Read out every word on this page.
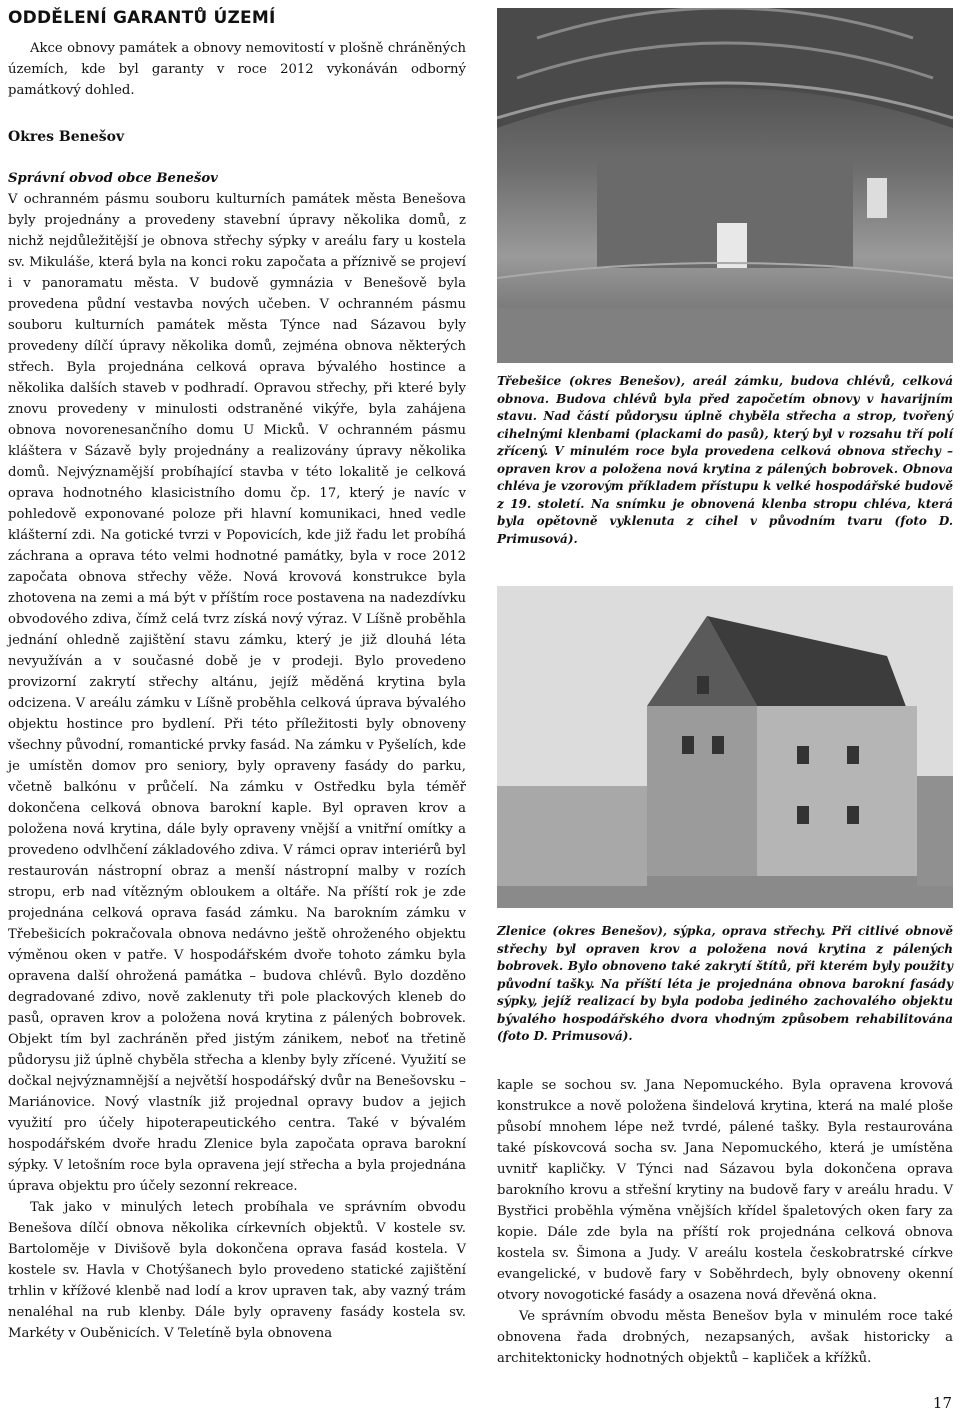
ODDĚLENÍ GARANTŮ ÚZEMÍ

Akce obnovy památek a obnovy nemovitostí v plošně chráněných územích, kde byl garanty v roce 2012 vykonáván odborný památkový dohled.

Okres Benešov

Správní obvod obce Benešov

V ochranném pásmu souboru kulturních památek města Benešova byly projednány a provedeny stavební úpravy několika domů, z nichž nejdůležitější je obnova střechy sýpky v areálu fary u kostela sv. Mikuláše, která byla na konci roku započata a příznivě se projeví i v panoramatu města. V budově gymnázia v Benešově byla provedena půdní vestavba nových učeben. V ochranném pásmu souboru kulturních památek města Týnce nad Sázavou byly provedeny dílčí úpravy několika domů, zejména obnova některých střech. Byla projednána celková oprava bývalého hostince a několika dalších staveb v podhradí. Opravou střechy, při které byly znovu provedeny v minulosti odstraněné vikýře, byla zahájena obnova novorenesančního domu U Micků. V ochranném pásmu kláštera v Sázavě byly projednány a realizovány úpravy několika domů. Nejvýznamější probíhající stavba v této lokalitě je celková oprava hodnotného klasicistního domu čp. 17, který je navíc v pohledově exponované poloze při hlavní komunikaci, hned vedle klášterní zdi. Na gotické tvrzi v Popovicích, kde již řadu let probíhá záchrana a oprava této velmi hodnotné památky, byla v roce 2012 započata obnova střechy věže. Nová krovová konstrukce byla zhotovena na zemi a má být v příštím roce postavena na nadezdívku obvodového zdiva, čímž celá tvrz získá nový výraz. V Líšně proběhla jednání ohledně zajištění stavu zámku, který je již dlouhá léta nevyužíván a v současné době je v prodeji. Bylo provedeno provizorní zakrytí střechy altánu, jejíž měděná krytina byla odcizena. V areálu zámku v Líšně proběhla celková úprava bývalého objektu hostince pro bydlení. Při této příležitosti byly obnoveny všechny původní, romantické prvky fasád. Na zámku v Pyšelích, kde je umístěn domov pro seniory, byly opraveny fasády do parku, včetně balkónu v průčelí. Na zámku v Ostředku byla téměř dokončena celková obnova barokní kaple. Byl opraven krov a položena nová krytina, dále byly opraveny vnější a vnitřní omítky a provedeno odvlhčení základového zdiva. V rámci oprav interiérů byl restaurován nástropní obraz a menší nástropní malby v rozích stropu, erb nad vítězným obloukem a oltáře. Na příští rok je zde projednána celková oprava fasád zámku. Na barokním zámku v Třebešicích pokračovala obnova nedávno ještě ohroženého objektu výměnou oken v patře. V hospodářském dvoře tohoto zámku byla opravena další ohrožená památka – budova chlévů. Bylo dozděno degradované zdivo, nově zaklenuty tři pole plackových kleneb do pasů, opraven krov a položena nová krytina z pálených bobrovek. Objekt tím byl zachráněn před jistým zánikem, neboť na třetině půdorysu již úplně chyběla střecha a klenby byly zřícené. Využití se dočkal nejvýznamnější a největší hospodářský dvůr na Benešovsku – Mariánovice. Nový vlastník již projednal opravy budov a jejich využití pro účely hipoterapeutického centra. Také v bývalém hospodářském dvoře hradu Zlenice byla započata oprava barokní sýpky. V letošním roce byla opravena její střecha a byla projednána úprava objektu pro účely sezonní rekreace.

Tak jako v minulých letech probíhala ve správním obvodu Benešova dílčí obnova několika církevních objektů. V kostele sv. Bartoloměje v Divišově byla dokončena oprava fasád kostela. V kostele sv. Havla v Chotýšanech bylo provedeno statické zajištění trhlin v křížové klenbě nad lodí a krov upraven tak, aby vazný trám nenaléhal na rub klenby. Dále byly opraveny fasády kostela sv. Markéty v Ouběnicích. V Teletíně byla obnovena

Třebešice (okres Benešov), areál zámku, budova chlévů, celková obnova. Budova chlévů byla před započetím obnovy v havarijním stavu. Nad částí půdorysu úplně chyběla střecha a strop, tvořený cihelnými klenbami (plackami do pasů), který byl v rozsahu tří polí zřícený. V minulém roce byla provedena celková obnova střechy – opraven krov a položena nová krytina z pálených bobrovek. Obnova chléva je vzorovým příkladem přístupu k velké hospodářské budově z 19. století. Na snímku je obnovená klenba stropu chléva, která byla opětovně vyklenuta z cihel v původním tvaru (foto D. Primusová).

Zlenice (okres Benešov), sýpka, oprava střechy. Při citlivé obnově střechy byl opraven krov a položena nová krytina z pálených bobrovek. Bylo obnoveno také zakrytí štítů, při kterém byly použity původní tašky. Na příští léta je projednána obnova barokní fasády sýpky, jejíž realizací by byla podoba jediného zachovalého objektu bývalého hospodářského dvora vhodným způsobem rehabilitována (foto D. Primusová).

kaple se sochou sv. Jana Nepomuckého. Byla opravena krovová konstrukce a nově položena šindelová krytina, která na malé ploše působí mnohem lépe než tvrdé, pálené tašky. Byla restaurována také pískovcová socha sv. Jana Nepomuckého, která je umístěna uvnitř kapličky. V Týnci nad Sázavou byla dokončena oprava barokního krovu a střešní krytiny na budově fary v areálu hradu. V Bystřici proběhla výměna vnějších křídel špaletových oken fary za kopie. Dále zde byla na příští rok projednána celková obnova kostela sv. Šimona a Judy. V areálu kostela českobratrské církve evangelické, v budově fary v Soběhrdech, byly obnoveny okenní otvory novogotické fasády a osazena nová dřevěná okna.

Ve správním obvodu města Benešov byla v minulém roce také obnovena řada drobných, nezapsaných, avšak historicky a architektonicky hodnotných objektů – kapliček a křížků.

17
